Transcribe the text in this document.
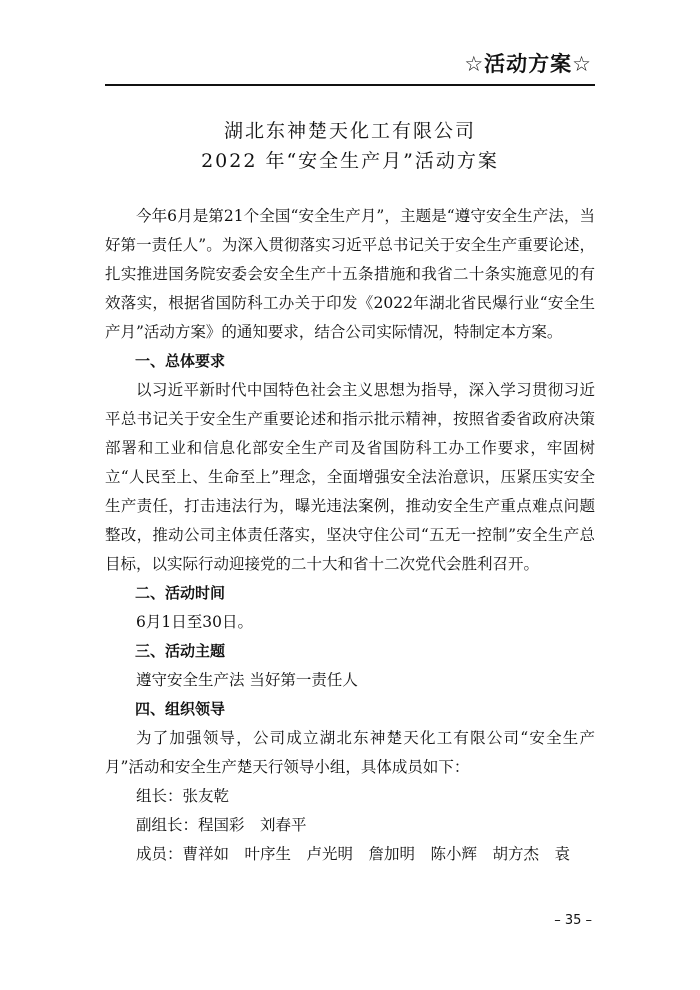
☆活动方案☆
湖北东神楚天化工有限公司
2022 年“安全生产月”活动方案

今年6月是第21个全国“安全生产月”，主题是“遵守安全生产法，当好第一责任人”。为深入贯彻落实习近平总书记关于安全生产重要论述，扎实推进国务院安委会安全生产十五条措施和我省二十条实施意见的有效落实，根据省国防科工办关于印发《2022年湖北省民爆行业“安全生产月”活动方案》的通知要求，结合公司实际情况，特制定本方案。

一、总体要求

以习近平新时代中国特色社会主义思想为指导，深入学习贯彻习近平总书记关于安全生产重要论述和指示批示精神，按照省委省政府决策部署和工业和信息化部安全生产司及省国防科工办工作要求，牢固树立“人民至上、生命至上”理念，全面增强安全法治意识，压紧压实安全生产责任，打击违法行为，曝光违法案例，推动安全生产重点难点问题整改，推动公司主体责任落实，坚决守住公司“五无一控制”安全生产总目标，以实际行动迎接党的二十大和省十二次党代会胜利召开。

二、活动时间

6月1日至30日。

三、活动主题

遵守安全生产法 当好第一责任人

四、组织领导

为了加强领导，公司成立湖北东神楚天化工有限公司“安全生产月”活动和安全生产楚天行领导小组，具体成员如下：

组长：张友乾

副组长：程国彩　刘春平

成员：曹祥如　叶序生　卢光明　詹加明　陈小辉　胡方杰　袁

– 35 –
